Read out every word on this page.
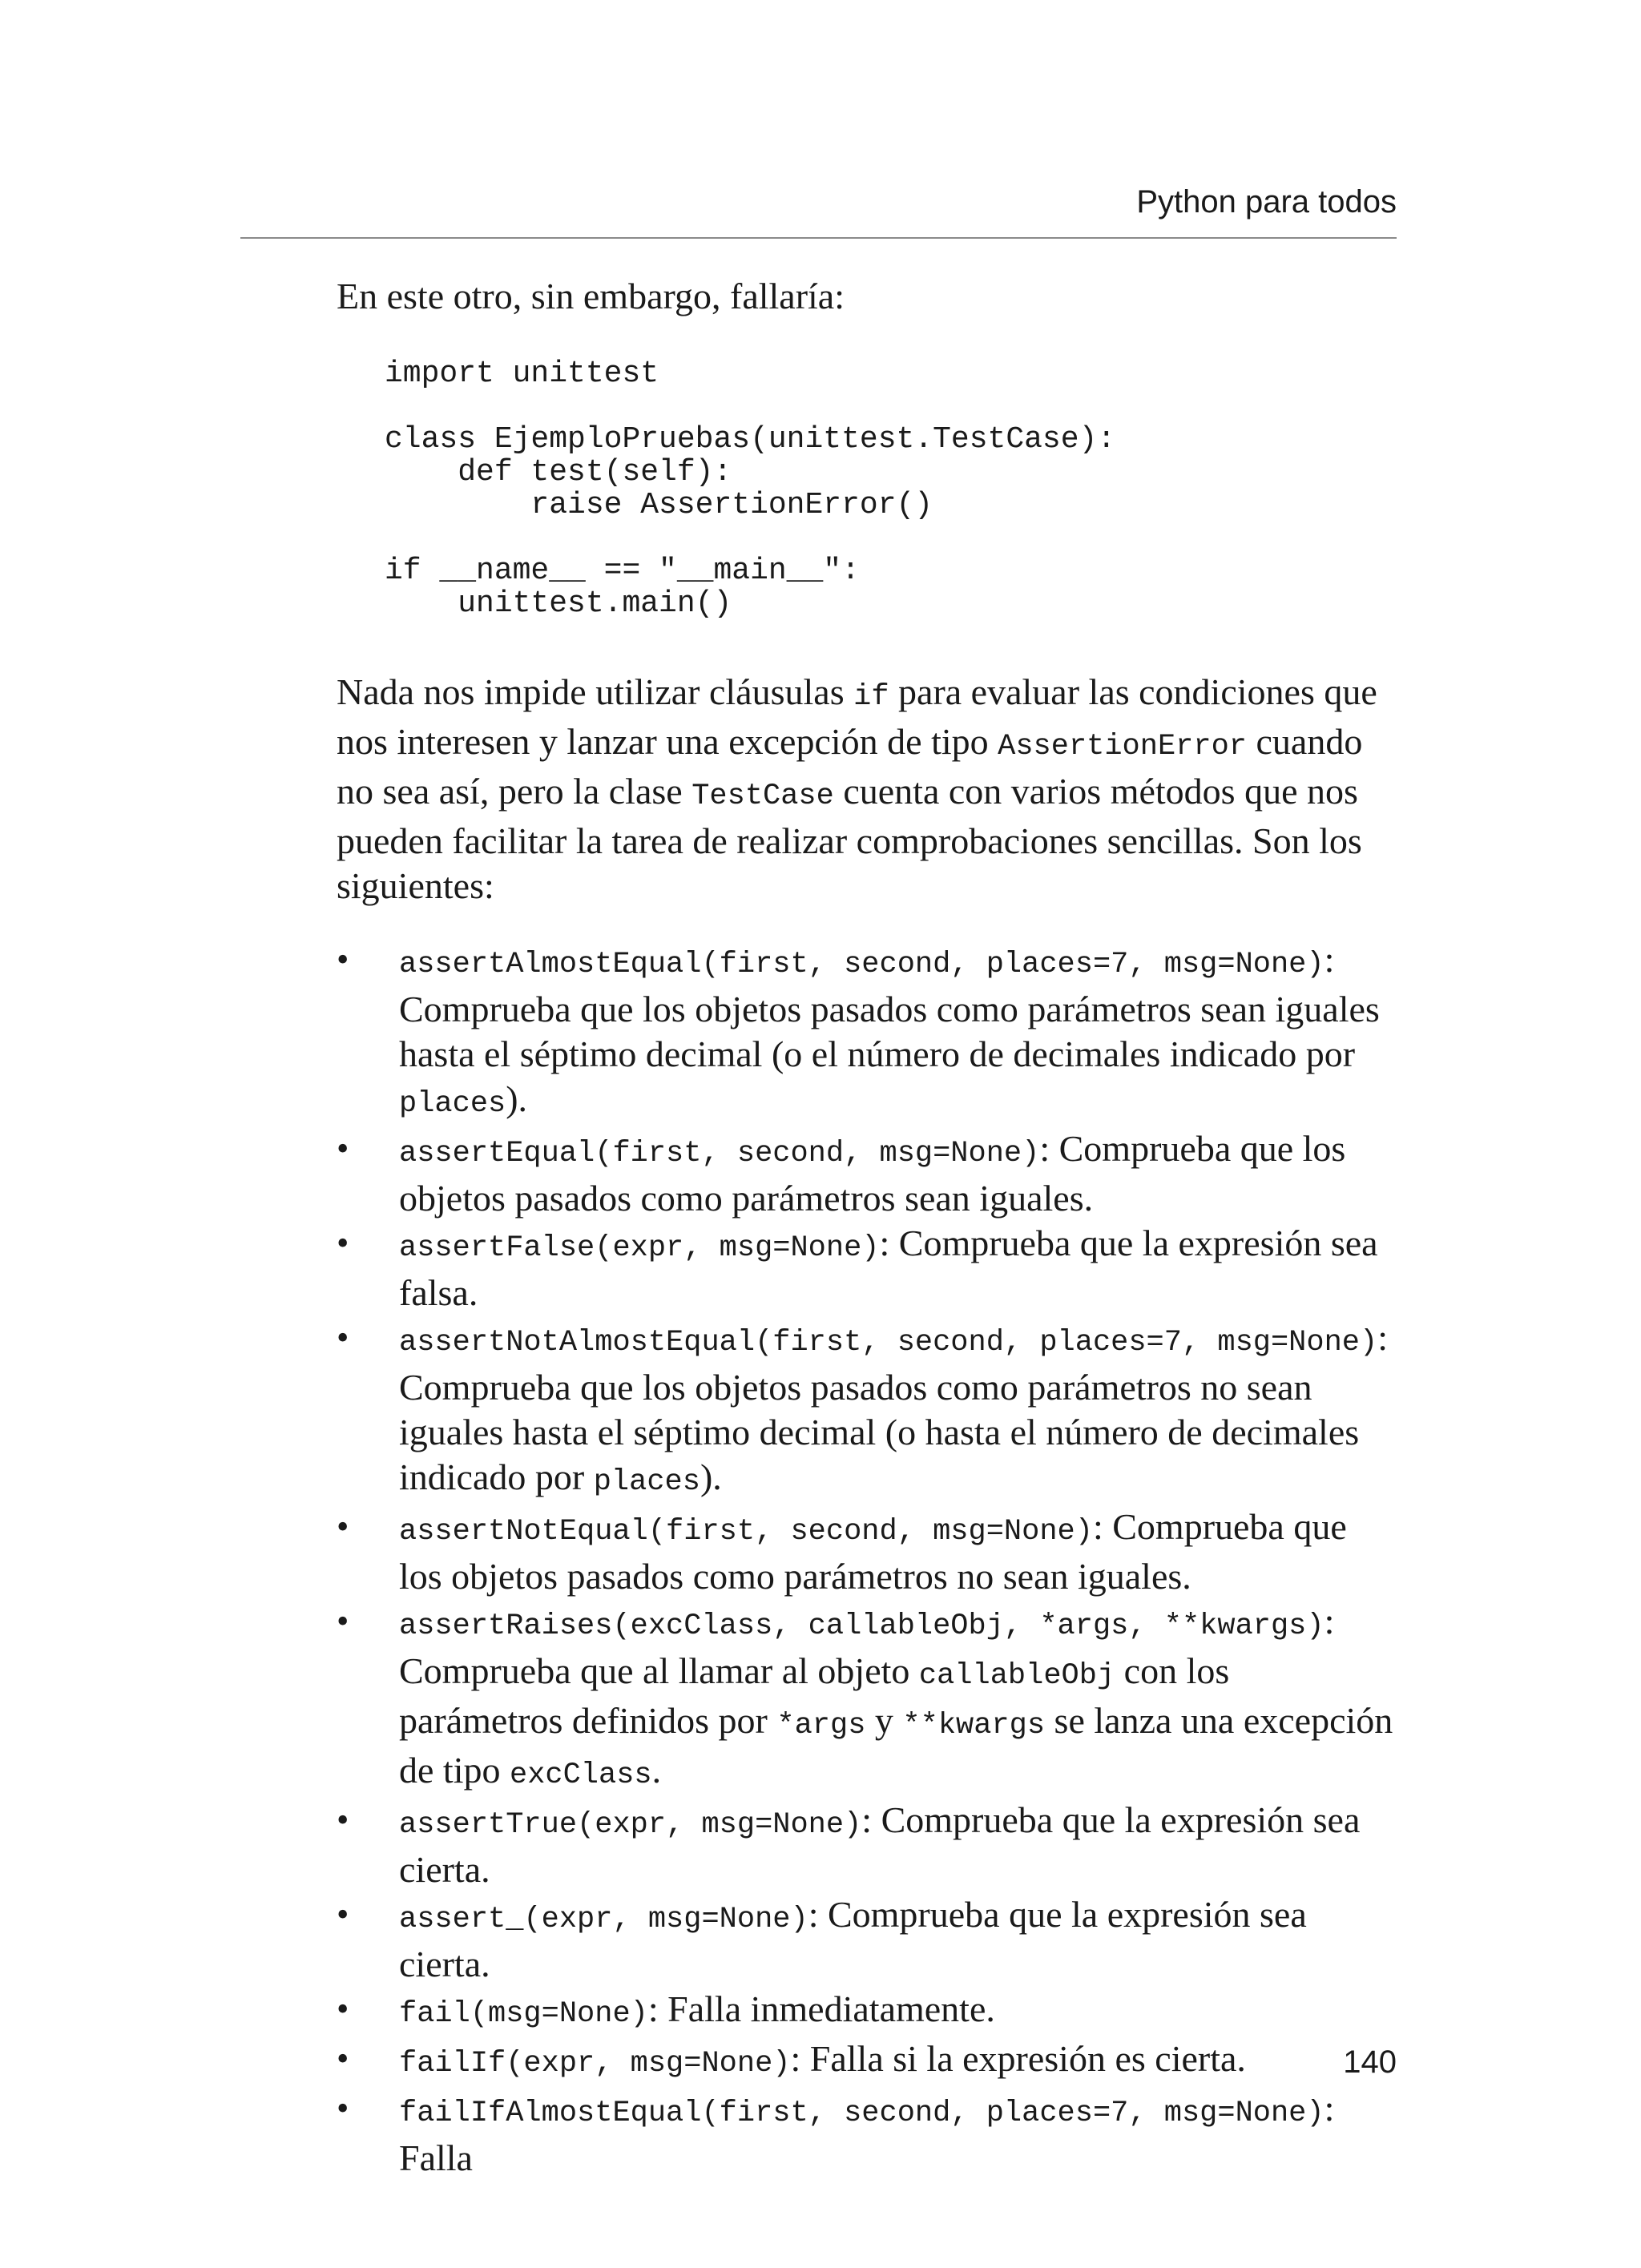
Python para todos

En este otro, sin embargo, fallaría:

import unittest

class EjemploPruebas(unittest.TestCase):
def test(self):
raise AssertionError()

if __name__ == "__main__":
unittest.main()

Nada nos impide utilizar cláusulas if para evaluar las condiciones que nos interesen y lanzar una excepción de tipo AssertionError cuando no sea así, pero la clase TestCase cuenta con varios métodos que nos pueden facilitar la tarea de realizar comprobaciones sencillas. Son los siguientes:

• assertAlmostEqual(first, second, places=7, msg=None): Comprueba que los objetos pasados como parámetros sean iguales hasta el séptimo decimal (o el número de decimales indicado por places).
• assertEqual(first, second, msg=None): Comprueba que los objetos pasados como parámetros sean iguales.
• assertFalse(expr, msg=None): Comprueba que la expresión sea falsa.
• assertNotAlmostEqual(first, second, places=7, msg=None): Comprueba que los objetos pasados como parámetros no sean iguales hasta el séptimo decimal (o hasta el número de decimales indicado por places).
• assertNotEqual(first, second, msg=None): Comprueba que los objetos pasados como parámetros no sean iguales.
• assertRaises(excClass, callableObj, *args, **kwargs): Comprueba que al llamar al objeto callableObj con los parámetros definidos por *args y **kwargs se lanza una excepción de tipo excClass.
• assertTrue(expr, msg=None): Comprueba que la expresión sea cierta.
• assert_(expr, msg=None): Comprueba que la expresión sea cierta.
• fail(msg=None): Falla inmediatamente.
• failIf(expr, msg=None): Falla si la expresión es cierta.
• failIfAlmostEqual(first, second, places=7, msg=None): Falla
140
